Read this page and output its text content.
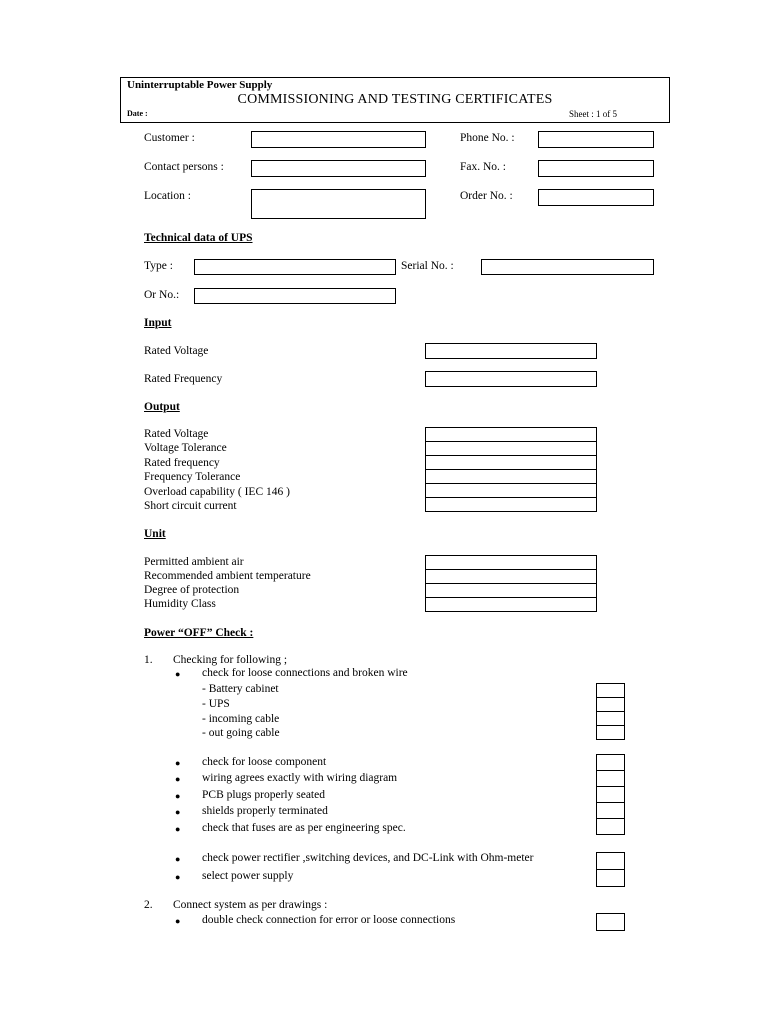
Uninterruptable Power Supply
COMMISSIONING AND TESTING CERTIFICATES
Date :	Sheet : 1 of 5
Customer :	Phone No. :
Contact persons :	Fax. No. :
Location :	Order No. :
Technical data of UPS
Type :	Serial No. :
Or No.:
Input
Rated Voltage
Rated Frequency
Output
Rated Voltage
Voltage Tolerance
Rated frequency
Frequency Tolerance
Overload capability ( IEC 146 )
Short circuit current
Unit
Permitted ambient air
Recommended ambient temperature
Degree of protection
Humidity Class
Power “OFF” Check :
1. Checking for following ;
● check for loose connections and broken wire
- Battery cabinet
- UPS
- incoming cable
- out going cable
● check for loose component
● wiring agrees exactly with wiring diagram
● PCB plugs properly seated
● shields properly terminated
● check that fuses are as per engineering spec.
● check power rectifier ,switching devices, and DC-Link with Ohm-meter
● select power supply
2. Connect system as per drawings :
● double check connection for error or loose connections
